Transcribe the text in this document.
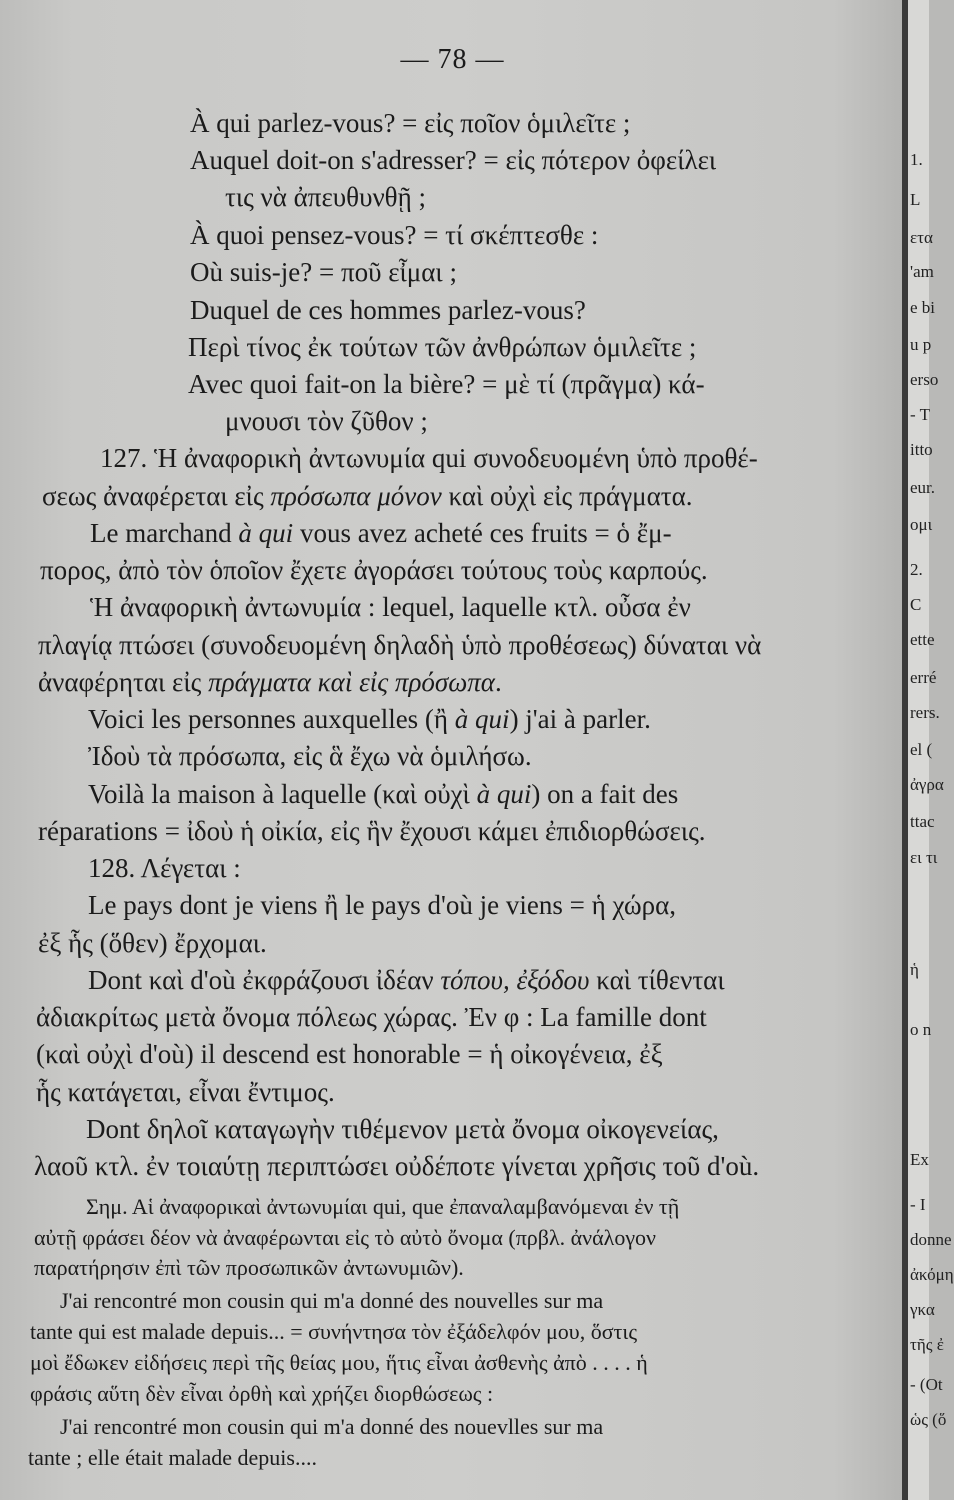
— 78 —
À qui parlez-vous? = εἰς ποῖον ὁμιλεῖτε ;
Auquel doit-on s'adresser? = εἰς πότερον ὀφείλει
τις νὰ ἀπευθυνθῇ ;
À quoi pensez-vous? = τί σκέπτεσθε :
Où suis-je? = ποῦ εἶμαι ;
Duquel de ces hommes parlez-vous?
Περὶ τίνος ἐκ τούτων τῶν ἀνθρώπων ὁμιλεῖτε ;
Avec quoi fait-on la bière? = μὲ τί (πρᾶγμα) κά-
μνουσι τὸν ζῦθον ;
127. Ἡ ἀναφορικὴ ἀντωνυμία qui συνοδευομένη ὑπὸ προθέ-
σεως ἀναφέρεται εἰς πρόσωπα μόνον καὶ οὐχὶ εἰς πράγματα.
Le marchand à qui vous avez acheté ces fruits = ὁ ἔμ-
πορος, ἀπὸ τὸν ὁποῖον ἔχετε ἀγοράσει τούτους τοὺς καρπούς.
Ἡ ἀναφορικὴ ἀντωνυμία : lequel, laquelle κτλ. οὖσα ἐν
πλαγίᾳ πτώσει (συνοδευομένη δηλαδὴ ὑπὸ προθέσεως) δύναται νὰ
ἀναφέρηται εἰς πράγματα καὶ εἰς πρόσωπα.
Voici les personnes auxquelles (ἢ à qui) j'ai à parler.
Ἰδοὺ τὰ πρόσωπα, εἰς ἃ ἔχω νὰ ὁμιλήσω.
Voilà la maison à laquelle (καὶ οὐχὶ à qui) on a fait des
réparations = ἰδοὺ ἡ οἰκία, εἰς ἣν ἔχουσι κάμει ἐπιδιορθώσεις.
128. Λέγεται :
Le pays dont je viens ἢ le pays d'où je viens = ἡ χώρα,
ἐξ ἧς (ὅθεν) ἔρχομαι.
Dont καὶ d'où ἐκφράζουσι ἰδέαν τόπου, ἐξόδου καὶ τίθενται
ἀδιακρίτως μετὰ ὄνομα πόλεως χώρας. Ἐν φ : La famille dont
(καὶ οὐχὶ d'où) il descend est honorable = ἡ οἰκογένεια, ἐξ
ἧς κατάγεται, εἶναι ἔντιμος.
Dont δηλοῖ καταγωγὴν τιθέμενον μετὰ ὄνομα οἰκογενείας,
λαοῦ κτλ. ἐν τοιαύτῃ περιπτώσει οὐδέποτε γίνεται χρῆσις τοῦ d'où.
Σημ. Αἱ ἀναφορικαὶ ἀντωνυμίαι qui, que ἐπαναλαμβανόμεναι ἐν τῇ
αὐτῇ φράσει δέον νὰ ἀναφέρωνται εἰς τὸ αὐτὸ ὄνομα (πρβλ. ἀνάλογον
παρατήρησιν ἐπὶ τῶν προσωπικῶν ἀντωνυμιῶν).
J'ai rencontré mon cousin qui m'a donné des nouvelles sur ma
tante qui est malade depuis... = συνήντησα τὸν ἐξάδελφόν μου, ὅστις
μοὶ ἔδωκεν εἰδήσεις περὶ τῆς θείας μου, ἥτις εἶναι ἀσθενὴς ἀπὸ . . . . ἡ
φράσις αὕτη δὲν εἶναι ὀρθὴ καὶ χρήζει διορθώσεως :
J'ai rencontré mon cousin qui m'a donné des nouevlles sur ma
tante ; elle était malade depuis....
1.
L
ετα
'am
e bi
u p
erso
- T
itto
eur.
ομι
2.
C
ette
erré
rers.
el (
ἀγρα
ttac
ει τι
ἡ
o n
Ex
- I
donne
ἀκόμη
γκα
τῆς ἐ
- (Ot
ὡς (ὅ
